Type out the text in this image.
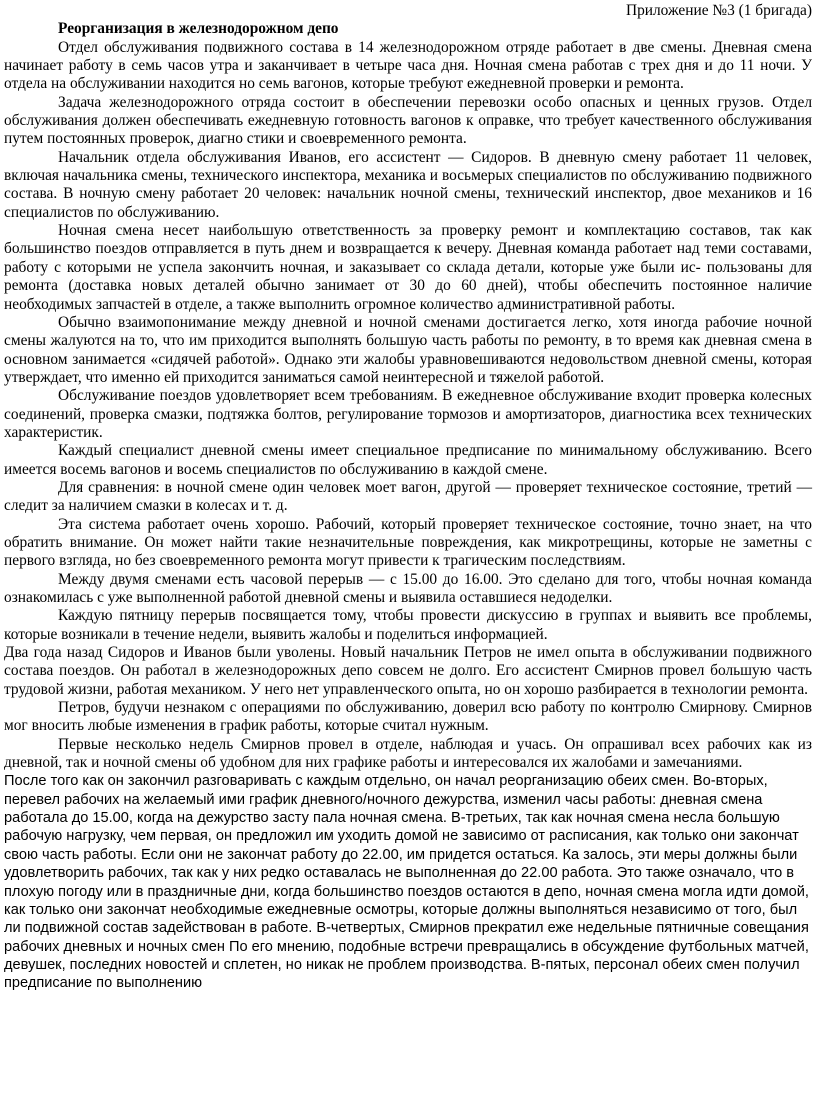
Приложение №3 (1 бригада)
Реорганизация в железнодорожном депо

Отдел обслуживания подвижного состава в 14 железнодорожном отряде работает в две смены. Дневная смена начинает работу в семь часов утра и заканчивает в четыре часа дня. Ночная смена работав с трех дня и до 11 ночи. У отдела на обслуживании находится но семь вагонов, которые требуют ежедневной проверки и ремонта.

Задача железнодорожного отряда состоит в обеспечении перевозки особо опасных и ценных грузов. Отдел обслуживания должен обеспечивать ежедневную готовность вагонов к оправке, что требует качественного обслуживания путем постоянных проверок, диагно стики и своевременного ремонта.

Начальник отдела обслуживания Иванов, его ассистент — Сидоров. В дневную смену работает 11 человек, включая начальника смены, технического инспектора, механика и восьмерых специалистов по обслуживанию подвижного состава. В ночную смену работает 20 человек: начальник ночной смены, технический инспектор, двое механиков и 16 специалистов по обслуживанию.

Ночная смена несет наибольшую ответственность за проверку ремонт и комплектацию составов, так как большинство поездов отправляется в путь днем и возвращается к вечеру. Дневная команда работает над теми составами, работу с которыми не успела закончить ночная, и заказывает со склада детали, которые уже были ис- пользованы для ремонта (доставка новых деталей обычно занимает от 30 до 60 дней), чтобы обеспечить постоянное наличие необходимых запчастей в отделе, а также выполнить огромное количество административной работы.

Обычно взаимопонимание между дневной и ночной сменами достигается легко, хотя иногда рабочие ночной смены жалуются на то, что им приходится выполнять большую часть работы по ремонту, в то время как дневная смена в основном занимается «сидячей работой». Однако эти жалобы уравновешиваются недовольством дневной смены, которая утверждает, что именно ей приходится заниматься самой неинтересной и тяжелой работой.

Обслуживание поездов удовлетворяет всем требованиям. В ежедневное обслуживание входит проверка колесных соединений, проверка смазки, подтяжка болтов, регулирование тормозов и амортизаторов, диагностика всех технических характеристик.

Каждый специалист дневной смены имеет специальное предписание по минимальному обслуживанию. Всего имеется восемь вагонов и восемь специалистов по обслуживанию в каждой смене.

Для сравнения: в ночной смене один человек моет вагон, другой — проверяет техническое состояние, третий — следит за наличием смазки в колесах и т. д.

Эта система работает очень хорошо. Рабочий, который проверяет техническое состояние, точно знает, на что обратить внимание. Он может найти такие незначительные повреждения, как микротрещины, которые не заметны с первого взгляда, но без своевременного ремонта могут привести к трагическим последствиям.

Между двумя сменами есть часовой перерыв — с 15.00 до 16.00. Это сделано для того, чтобы ночная команда ознакомилась с уже выполненной работой дневной смены и выявила оставшиеся недоделки.

Каждую пятницу перерыв посвящается тому, чтобы провести дискуссию в группах и выявить все проблемы, которые возникали в течение недели, выявить жалобы и поделиться информацией.

Два года назад Сидоров и Иванов были уволены. Новый начальник Петров не имел опыта в обслуживании подвижного состава поездов. Он работал в железнодорожных депо совсем не долго. Его ассистент Смирнов провел большую часть трудовой жизни, работая механиком. У него нет управленческого опыта, но он хорошо разбирается в технологии ремонта.

Петров, будучи незнаком с операциями по обслуживанию, доверил всю работу по контролю Смирнову. Смирнов мог вносить любые изменения в график работы, которые считал нужным.

Первые несколько недель Смирнов провел в отделе, наблюдая и учась. Он опрашивал всех рабочих как из дневной, так и ночной смены об удобном для них графике работы и интересовался их жалобами и замечаниями.

После того как он закончил разговаривать с каждым отдельно, он начал реорганизацию обеих смен. Во-вторых, перевел рабочих на желаемый ими график дневного/ночного дежурства, изменил часы работы: дневная смена работала до 15.00, когда на дежурство засту пала ночная смена. В-третьих, так как ночная смена несла большую рабочую нагрузку, чем первая, он предложил им уходить домой не зависимо от расписания, как только они закончат свою часть работы. Если они не закончат работу до 22.00, им придется остаться. Ка залось, эти меры должны были удовлетворить рабочих, так как у них редко оставалась не выполненная до 22.00 работа. Это также означало, что в плохую погоду или в праздничные дни, когда большинство поездов остаются в депо, ночная смена могла идти домой, как только они закончат необходимые ежедневные осмотры, которые должны выполняться независимо от того, был ли подвижной состав задействован в работе. В-четвертых, Смирнов прекратил еже недельные пятничные совещания рабочих дневных и ночных смен По его мнению, подобные встречи превращались в обсуждение футбольных матчей, девушек, последних новостей и сплетен, но никак не проблем производства. В-пятых, персонал обеих смен получил предписание по выполнению
